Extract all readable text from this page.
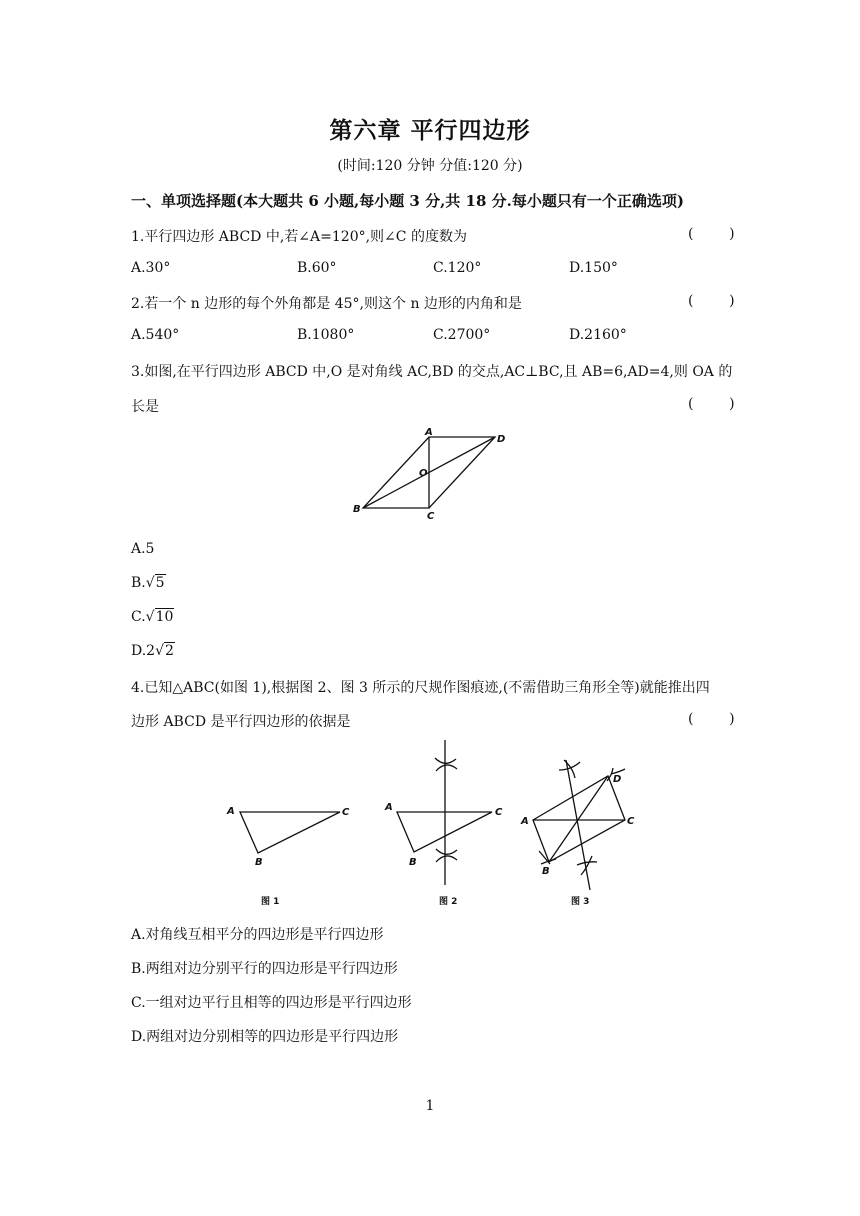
第六章 平行四边形
(时间:120 分钟 分值:120 分)
一、单项选择题(本大题共 6 小题,每小题 3 分,共 18 分.每小题只有一个正确选项)
1.平行四边形 ABCD 中,若∠A=120°,则∠C 的度数为	(        )
A.30°	B.60°	C.120°	D.150°
2.若一个 n 边形的每个外角都是 45°,则这个 n 边形的内角和是	(        )
A.540°	B.1080°	C.2700°	D.2160°
3.如图,在平行四边形 ABCD 中,O 是对角线 AC,BD 的交点,AC⊥BC,且 AB=6,AD=4,则 OA 的
长是	(        )
A
D
O
B
C
A.5
B.√5
C.√10
D.2√2
4.已知△ABC(如图 1),根据图 2、图 3 所示的尺规作图痕迹,(不需借助三角形全等)就能推出四
边形 ABCD 是平行四边形的依据是	(        )
A
B
C	A
B
C
A
B
C
D
图 1	图 2	图 3
A.对角线互相平分的四边形是平行四边形
B.两组对边分别平行的四边形是平行四边形
C.一组对边平行且相等的四边形是平行四边形
D.两组对边分别相等的四边形是平行四边形
1
